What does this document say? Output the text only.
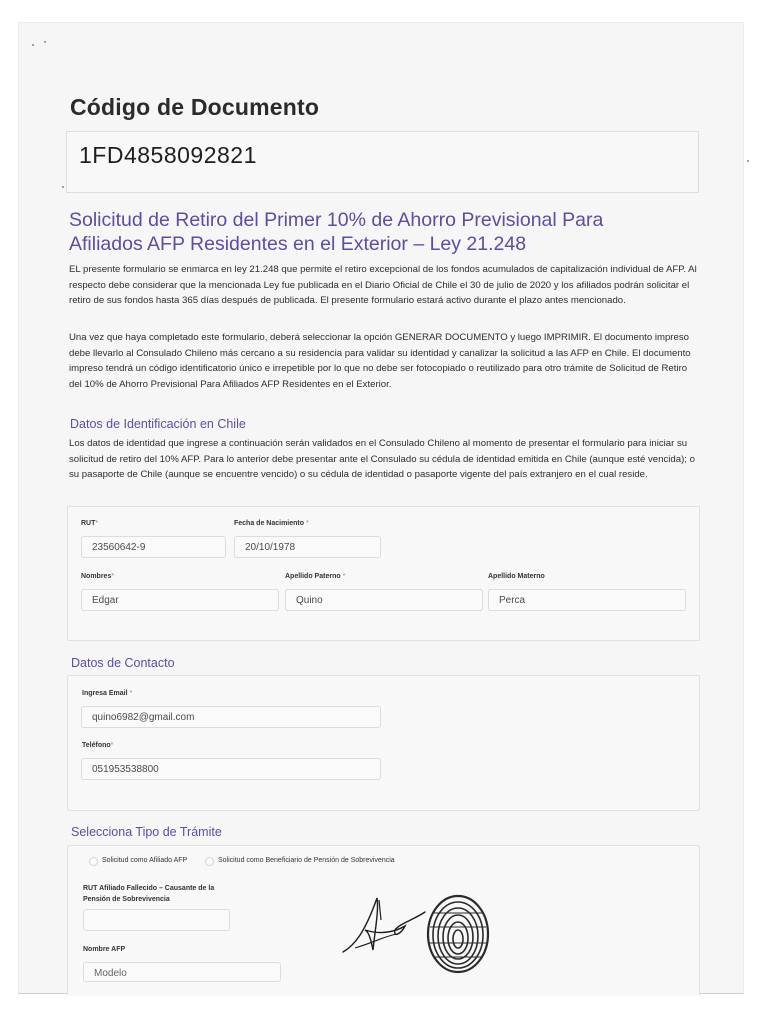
Código de Documento
1FD4858092821
Solicitud de Retiro del Primer 10% de Ahorro Previsional Para Afiliados AFP Residentes en el Exterior – Ley 21.248
EL presente formulario se enmarca en ley 21.248 que permite el retiro excepcional de los fondos acumulados de capitalización individual de AFP. Al respecto debe considerar que la mencionada Ley fue publicada en el Diario Oficial de Chile el 30 de julio de 2020 y los afiliados podrán solicitar el retiro de sus fondos hasta 365 días después de publicada. El presente formulario estará activo durante el plazo antes mencionado.
Una vez que haya completado este formulario, deberá seleccionar la opción GENERAR DOCUMENTO y luego IMPRIMIR. El documento impreso debe llevarlo al Consulado Chileno más cercano a su residencia para validar su identidad y canalizar la solicitud a las AFP en Chile. El documento impreso tendrá un código identificatorio único e irrepetible por lo que no debe ser fotocopiado o reutilizado para otro trámite de Solicitud de Retiro del 10% de Ahorro Previsional Para Afiliados AFP Residentes en el Exterior.
Datos de Identificación en Chile
Los datos de identidad que ingrese a continuación serán validados en el Consulado Chileno al momento de presentar el formulario para iniciar su solicitud de retiro del 10% AFP. Para lo anterior debe presentar ante el Consulado su cédula de identidad emitida en Chile (aunque esté vencida); o su pasaporte de Chile (aunque se encuentre vencido) o su cédula de identidad o pasaporte vigente del país extranjero en el cual reside.
RUT*
23560642-9
Fecha de Nacimiento *
20/10/1978
Nombres*
Edgar
Apellido Paterno *
Quino
Apellido Materno
Perca
Datos de Contacto
Ingresa Email *
quino6982@gmail.com
Teléfono*
051953538800
Selecciona Tipo de Trámite
Solicitud como Afiliado AFP	Solicitud como Beneficiario de Pensión de Sobrevivencia
RUT Afiliado Fallecido – Causante de la
Pensión de Sobrevivencia
Nombre AFP
Modelo
